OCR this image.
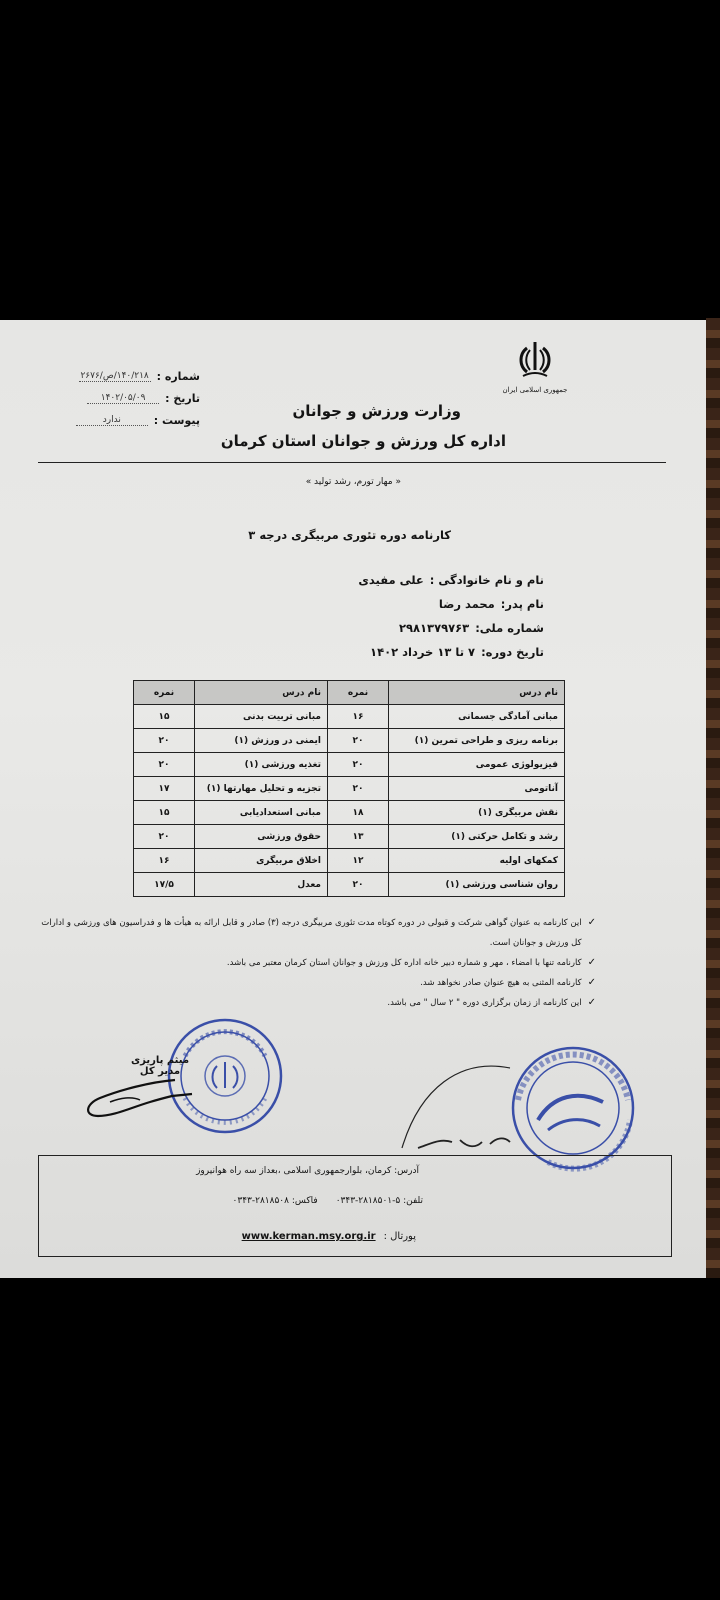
جمهوری اسلامی ایران
وزارت ورزش و جوانان
اداره کل ورزش و جوانان استان کرمان
شماره :
۱۴۰/۲۱۸/ص/۲۶۷۶
تاریخ :
۱۴۰۲/۰۵/۰۹
پیوست :
ندارد
« مهار تورم، رشد تولید »
کارنامه دوره تئوری مربیگری درجه ۳
نام و نام خانوادگی :
علی مفیدی
نام پدر:
محمد رضا
شماره ملی:
۲۹۸۱۳۷۹۷۶۳
تاریخ دوره:
۷ تا ۱۳ خرداد ۱۴۰۲
نام درس	نمره	نام درس	نمره
مبانی آمادگی جسمانی	۱۶	مبانی تربیت بدنی	۱۵
برنامه ریزی و طراحی تمرین (۱)	۲۰	ایمنی در ورزش (۱)	۲۰
فیزیولوژی عمومی	۲۰	تغذیه ورزشی (۱)	۲۰
آناتومی	۲۰	تجزیه و تحلیل مهارتها (۱)	۱۷
نقش مربیگری (۱)	۱۸	مبانی استعدادیابی	۱۵
رشد و تکامل حرکتی (۱)	۱۳	حقوق ورزشی	۲۰
کمکهای اولیه	۱۲	اخلاق مربیگری	۱۶
روان شناسی ورزشی (۱)	۲۰	معدل	۱۷/۵
✓
این کارنامه به عنوان گواهی شرکت و قبولی در دوره کوتاه مدت تئوری مربیگری درجه (۳) صادر و قابل ارائه به هیأت ها و فدراسیون های ورزشی و ادارات کل ورزش و جوانان است.
✓
کارنامه تنها با امضاء ، مهر و شماره دبیر خانه اداره کل ورزش و جوانان استان کرمان معتبر می باشد.
✓
کارنامه المثنی به هیچ عنوان صادر نخواهد شد.
✓
این کارنامه از زمان برگزاری دوره " ۲ سال " می باشد.
میثم پاریزی
مدیر کل
آدرس: کرمان، بلوارجمهوری اسلامی ،بعداز سه راه هوانیروز
تلفن: ۵-۲۸۱۸۵۰۱-۰۳۴۳
فاکس: ۲۸۱۸۵۰۸-۰۳۴۳
پورتال :
www.kerman.msy.org.ir
